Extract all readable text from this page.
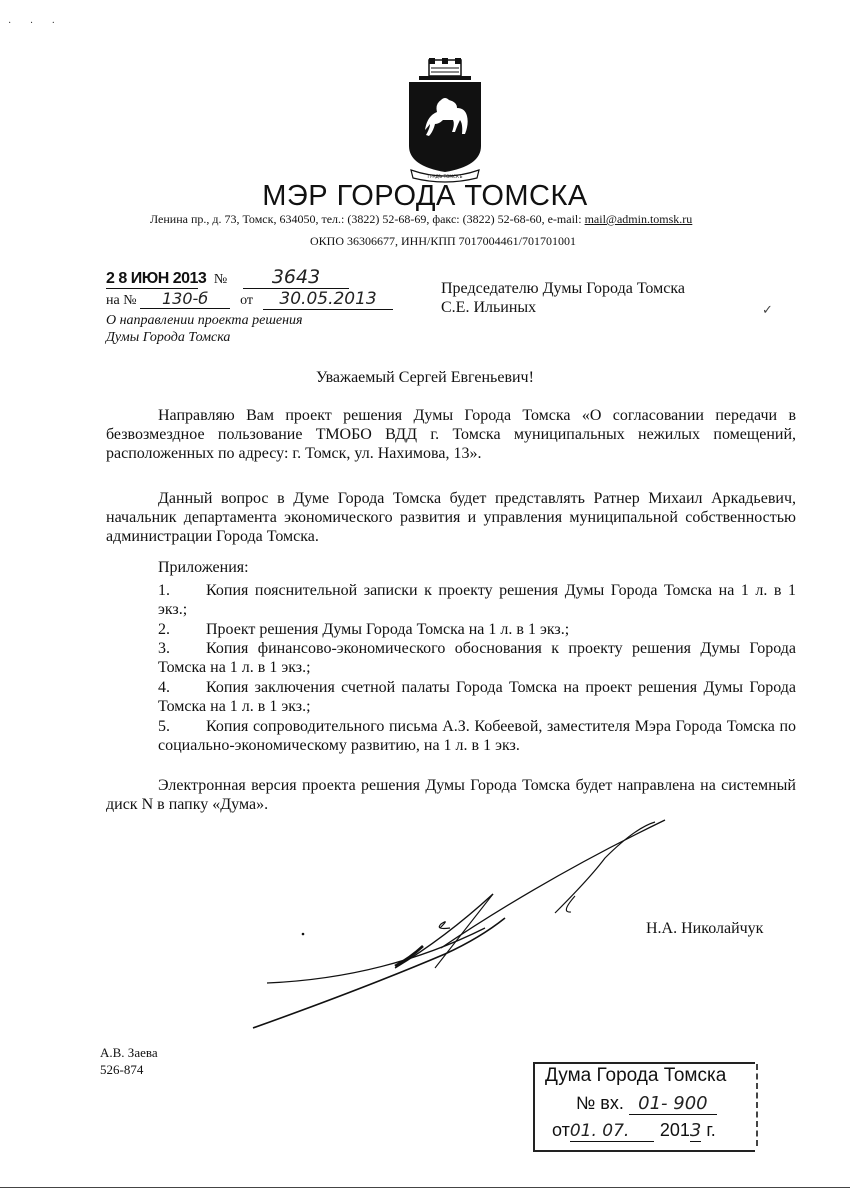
· · ·
ГРАДЪ ТОМСКЪ
МЭР ГОРОДА ТОМСКА
Ленина пр., д. 73, Томск, 634050, тел.: (3822) 52-68-69, факс: (3822) 52-68-60, e-mail: mail@admin.tomsk.ru
ОКПО 36306677, ИНН/КПП 7017004461/701701001
2 8 ИЮН 2013 № 3643
на № 130-б от 30.05.2013
О направлении проекта решения
Думы Города Томска
Председателю Думы Города Томска
С.Е. Ильиных	✓
Уважаемый Сергей Евгеньевич!
Направляю Вам проект решения Думы Города Томска «О согласовании передачи в безвозмездное пользование ТМОБО ВДД г. Томска муниципальных нежилых помещений, расположенных по адресу: г. Томск, ул. Нахимова, 13».
Данный вопрос в Думе Города Томска будет представлять Ратнер Михаил Аркадьевич, начальник департамента экономического развития и управления муниципальной собственностью администрации Города Томска.
Приложения:
1. Копия пояснительной записки к проекту решения Думы Города Томска на 1 л. в 1 экз.;
2. Проект решения Думы Города Томска на 1 л. в 1 экз.;
3. Копия финансово-экономического обоснования к проекту решения Думы Города Томска на 1 л. в 1 экз.;
4. Копия заключения счетной палаты Города Томска на проект решения Думы Города Томска на 1 л. в 1 экз.;
5. Копия сопроводительного письма А.З. Кобеевой, заместителя Мэра Города Томска по социально-экономическому развитию, на 1 л. в 1 экз.
Электронная версия проекта решения Думы Города Томска будет направлена на системный диск N в папку «Дума».
Н.А. Николайчук
А.В. Заева
526-874	Дума Города Томска
№ вх. 01- 900
от01. 07. 2013 г.
